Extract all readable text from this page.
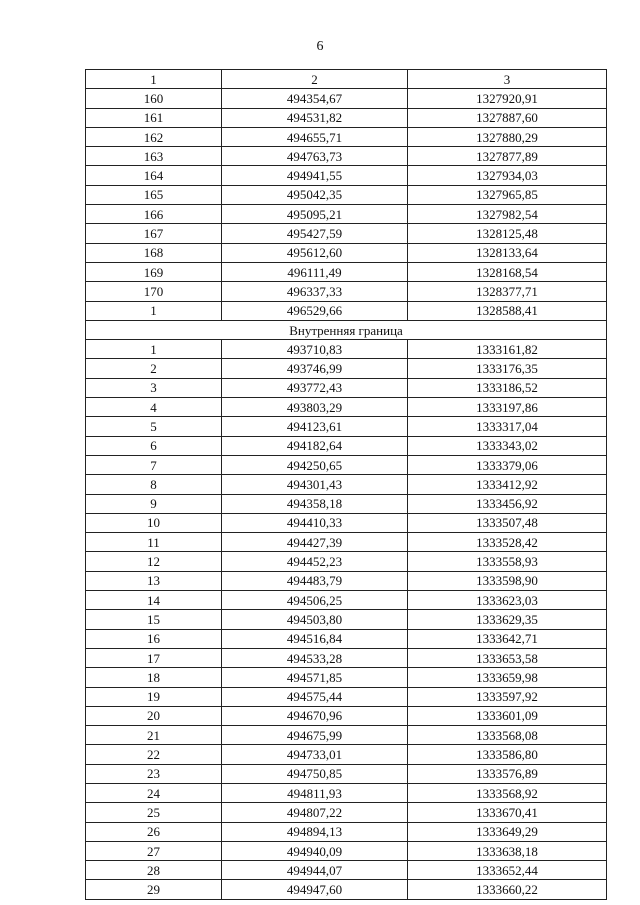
6
1	2	3
160	494354,67	1327920,91
161	494531,82	1327887,60
162	494655,71	1327880,29
163	494763,73	1327877,89
164	494941,55	1327934,03
165	495042,35	1327965,85
166	495095,21	1327982,54
167	495427,59	1328125,48
168	495612,60	1328133,64
169	496111,49	1328168,54
170	496337,33	1328377,71
1	496529,66	1328588,41
Внутренняя граница		
1	493710,83	1333161,82
2	493746,99	1333176,35
3	493772,43	1333186,52
4	493803,29	1333197,86
5	494123,61	1333317,04
6	494182,64	1333343,02
7	494250,65	1333379,06
8	494301,43	1333412,92
9	494358,18	1333456,92
10	494410,33	1333507,48
11	494427,39	1333528,42
12	494452,23	1333558,93
13	494483,79	1333598,90
14	494506,25	1333623,03
15	494503,80	1333629,35
16	494516,84	1333642,71
17	494533,28	1333653,58
18	494571,85	1333659,98
19	494575,44	1333597,92
20	494670,96	1333601,09
21	494675,99	1333568,08
22	494733,01	1333586,80
23	494750,85	1333576,89
24	494811,93	1333568,92
25	494807,22	1333670,41
26	494894,13	1333649,29
27	494940,09	1333638,18
28	494944,07	1333652,44
29	494947,60	1333660,22
